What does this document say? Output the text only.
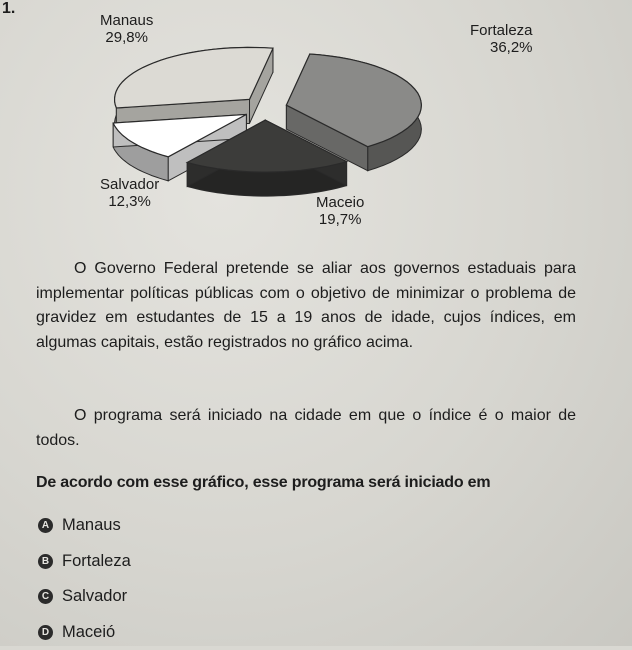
1.
Manaus
29,8%	Fortaleza
36,2%
Salvador
12,3%	Maceio
19,7%

O Governo Federal pretende se aliar aos governos estaduais para implementar políticas públicas com o objetivo de minimizar o problema de gravidez em estudantes de 15 a 19 anos de idade, cujos índices, em algumas capitais, estão registrados no gráfico acima.

O programa será iniciado na cidade em que o índice é o maior de todos.

De acordo com esse gráfico, esse programa será iniciado em

A Manaus
B Fortaleza
C Salvador
D Maceió
